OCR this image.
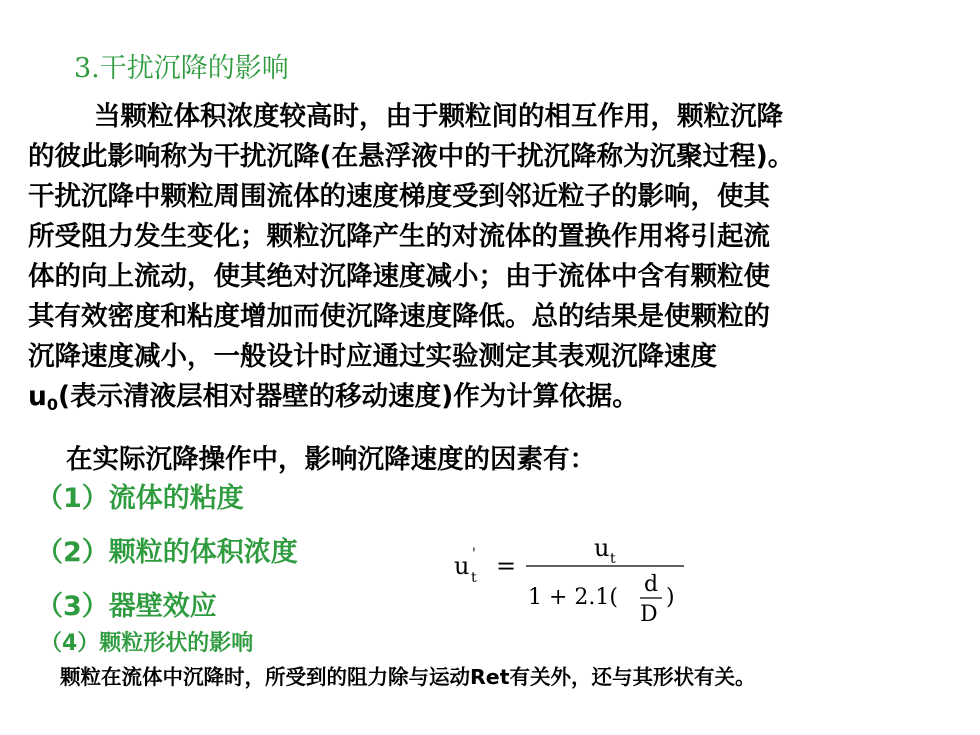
3.干扰沉降的影响
当颗粒体积浓度较高时，由于颗粒间的相互作用，颗粒沉降
的彼此影响称为干扰沉降(在悬浮液中的干扰沉降称为沉聚过程)。
干扰沉降中颗粒周围流体的速度梯度受到邻近粒子的影响，使其
所受阻力发生变化；颗粒沉降产生的对流体的置换作用将引起流
体的向上流动，使其绝对沉降速度减小；由于流体中含有颗粒使
其有效密度和粘度增加而使沉降速度降低。总的结果是使颗粒的
沉降速度减小，一般设计时应通过实验测定其表观沉降速度
$u_0$(表示清液层相对器壁的移动速度)作为计算依据。
在实际沉降操作中，影响沉降速度的因素有：
（1）流体的粘度
（2）颗粒的体积浓度
（3）器壁效应
（4）颗粒形状的影响
u '
t =
u t
1 + 2.1(
d
D
)
颗粒在流体中沉降时，所受到的阻力除与运动Ret有关外，还与其形状有关。
